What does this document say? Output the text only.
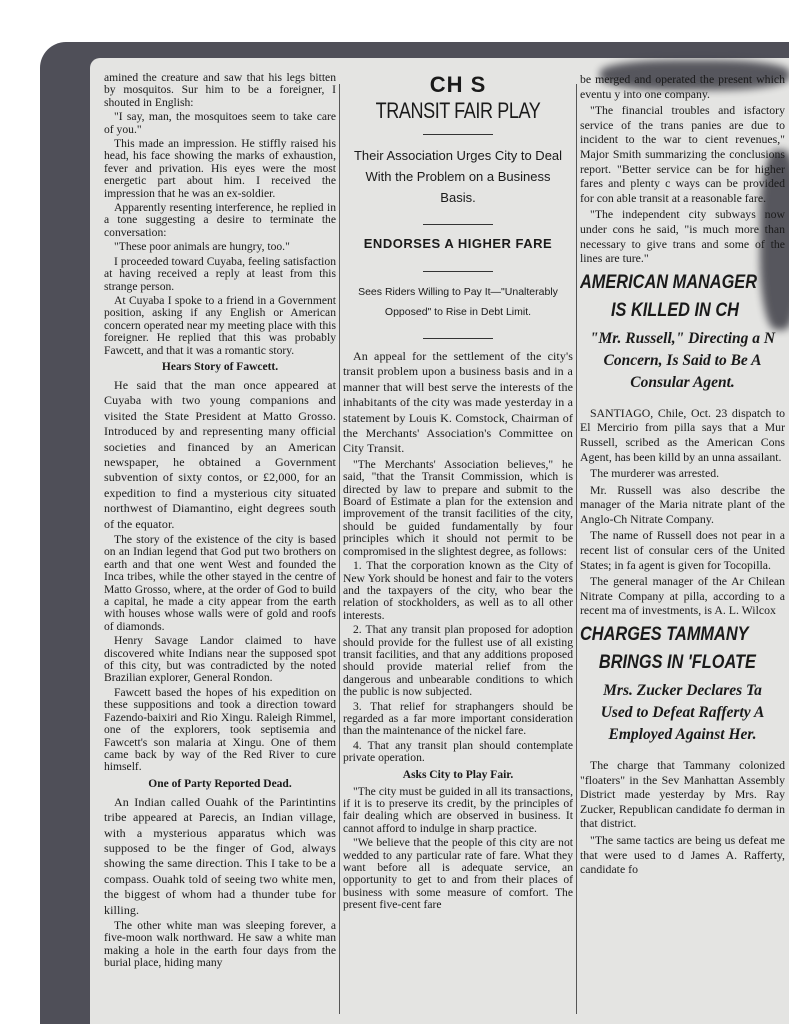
amined the creature and saw that his legs bitten by mosquitos. Sur him to be a foreigner, I shouted in English:

"I say, man, the mosquitoes seem to take care of you."

This made an impression. He stiffly raised his head, his face showing the marks of exhaustion, fever and privation. His eyes were the most energetic part about him. I received the impression that he was an ex-soldier.

Apparently resenting interference, he replied in a tone suggesting a desire to terminate the conversation:

"These poor animals are hungry, too."

I proceeded toward Cuyaba, feeling satisfaction at having received a reply at least from this strange person.

At Cuyaba I spoke to a friend in a Government position, asking if any English or American concern operated near my meeting place with this foreigner. He replied that this was probably Fawcett, and that it was a romantic story.

Hears Story of Fawcett.

He said that the man once appeared at Cuyaba with two young companions and visited the State President at Matto Grosso. Introduced by and representing many official societies and financed by an American newspaper, he obtained a Government subvention of sixty contos, or £2,000, for an expedition to find a mysterious city situated northwest of Diamantino, eight degrees south of the equator.

The story of the existence of the city is based on an Indian legend that God put two brothers on earth and that one went West and founded the Inca tribes, while the other stayed in the centre of Matto Grosso, where, at the order of God to build a capital, he made a city appear from the earth with houses whose walls were of gold and roofs of diamonds.

Henry Savage Landor claimed to have discovered white Indians near the supposed spot of this city, but was contradicted by the noted Brazilian explorer, General Rondon.

Fawcett based the hopes of his expedition on these suppositions and took a direction toward Fazendo-baixiri and Rio Xingu. Raleigh Rimmel, one of the explorers, took septisemia and Fawcett's son malaria at Xingu. One of them came back by way of the Red River to cure himself.

One of Party Reported Dead.

An Indian called Ouahk of the Parintintins tribe appeared at Parecis, an Indian village, with a mysterious apparatus which was supposed to be the finger of God, always showing the same direction. This I take to be a compass. Ouahk told of seeing two white men, the biggest of whom had a thunder tube for killing.

The other white man was sleeping forever, a five-moon walk northward. He saw a white man making a hole in the earth four days from the burial place, hiding many

CH S

TRANSIT FAIR PLAY

Their Association Urges City to Deal With the Problem on a Business Basis.

ENDORSES A HIGHER FARE

Sees Riders Willing to Pay It—"Unalterably Opposed" to Rise in Debt Limit.

An appeal for the settlement of the city's transit problem upon a business basis and in a manner that will best serve the interests of the inhabitants of the city was made yesterday in a statement by Louis K. Comstock, Chairman of the Merchants' Association's Committee on City Transit.

"The Merchants' Association believes," he said, "that the Transit Commission, which is directed by law to prepare and submit to the Board of Estimate a plan for the extension and improvement of the transit facilities of the city, should be guided fundamentally by four principles which it should not permit to be compromised in the slightest degree, as follows:

1. That the corporation known as the City of New York should be honest and fair to the voters and the taxpayers of the city, who bear the relation of stockholders, as well as to all other interests.

2. That any transit plan proposed for adoption should provide for the fullest use of all existing transit facilities, and that any additions proposed should provide material relief from the dangerous and unbearable conditions to which the public is now subjected.

3. That relief for straphangers should be regarded as a far more important consideration than the maintenance of the nickel fare.

4. That any transit plan should contemplate private operation.

Asks City to Play Fair.

"The city must be guided in all its transactions, if it is to preserve its credit, by the principles of fair dealing which are observed in business. It cannot afford to indulge in sharp practice.

"We believe that the people of this city are not wedded to any particular rate of fare. What they want before all is adequate service, an opportunity to get to and from their places of business with some measure of comfort. The present five-cent fare

be merged and operated the present which eventu y into one company.

"The financial troubles and isfactory service of the trans panies are due to incident to the war to cient revenues," Major Smith summarizing the conclusions report. "Better service can be for higher fares and plenty c ways can be provided for con able transit at a reasonable fare.

"The independent city subways now under cons he said, "is much more than necessary to give trans and some of the lines are ture."

AMERICAN MANAGER

IS KILLED IN CH

"Mr. Russell," Directing a N
Concern, Is Said to Be A
Consular Agent.

SANTIAGO, Chile, Oct. 23 dispatch to El Mercirio from pilla says that a Mur Russell, scribed as the American Cons Agent, has been killd by an unna assailant.

The murderer was arrested.

Mr. Russell was also describe the manager of the Maria nitrate plant of the Anglo-Ch Nitrate Company.

The name of Russell does not pear in a recent list of consular cers of the United States; in fa agent is given for Tocopilla.

The general manager of the Ar Chilean Nitrate Company at pilla, according to a recent ma of investments, is A. L. Wilcox

CHARGES TAMMANY

BRINGS IN 'FLOATE

Mrs. Zucker Declares Ta
Used to Defeat Rafferty A
Employed Against Her.

The charge that Tammany colonized "floaters" in the Sev Manhattan Assembly District made yesterday by Mrs. Ray Zucker, Republican candidate fo derman in that district.

"The same tactics are being us defeat me that were used to d James A. Rafferty, candidate fo
